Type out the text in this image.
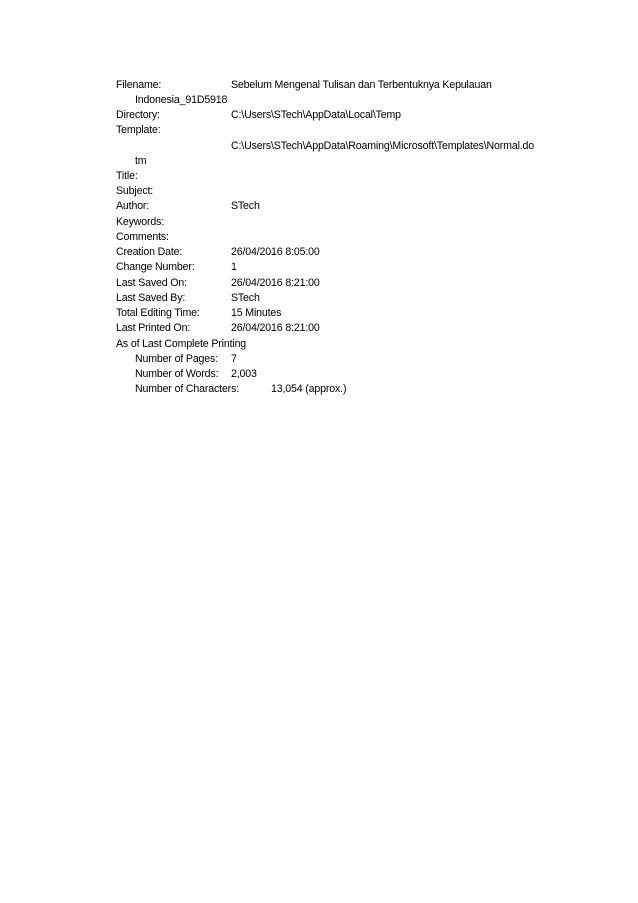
Filename:	Sebelum Mengenal Tulisan dan Terbentuknya Kepulauan
Indonesia_91D5918
Directory:	C:\Users\STech\AppData\Local\Temp
Template:
C:\Users\STech\AppData\Roaming\Microsoft\Templates\Normal.do
tm
Title:
Subject:
Author:	STech
Keywords:
Comments:
Creation Date:	26/04/2016 8:05:00
Change Number:	1
Last Saved On:	26/04/2016 8:21:00
Last Saved By:	STech
Total Editing Time:	15 Minutes
Last Printed On:	26/04/2016 8:21:00
As of Last Complete Printing
Number of Pages: 7
Number of Words: 2,003
Number of Characters:	13,054 (approx.)
